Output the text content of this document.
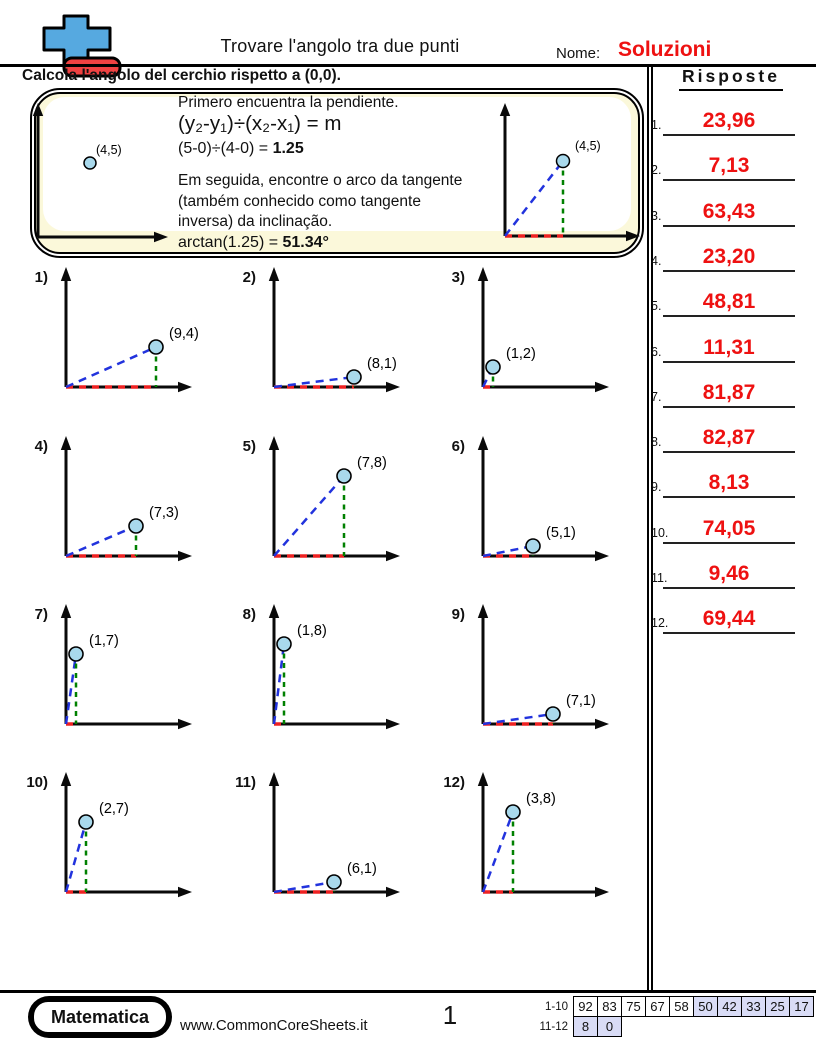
Trovare l'angolo tra due punti	Nome: Soluzioni
Calcola l'angolo del cerchio rispetto a (0,0).
(4,5)
Primero encuentra la pendiente.
(y₂-y₁)÷(x₂-x₁) = m
(5-0)÷(4-0) = 1.25
Em seguida, encontre o arco da tangente
(também conhecido como tangente
inversa) da inclinação.
arctan(1.25) = 51.34°
(4,5)
1)
(9,4)
2)
(8,1)
3)
(1,2)
4)
(7,3)
5)
(7,8)
6)
(5,1)
7)
(1,7)
8)
(1,8)
9)
(7,1)
10)
(2,7)
11)
(6,1)
12)
(3,8)
Risposte
1.	23,96
2.	7,13
3.	63,43
4.	23,20
5.	48,81
6.	11,31
7.	81,87
8.	82,87
9.	8,13
10.	74,05
11.	9,46
12.	69,44
Matematica	www.CommonCoreSheets.it	1	1-10	92	83	75	67	58	50	42	33	25	17
11-12	8	0								
